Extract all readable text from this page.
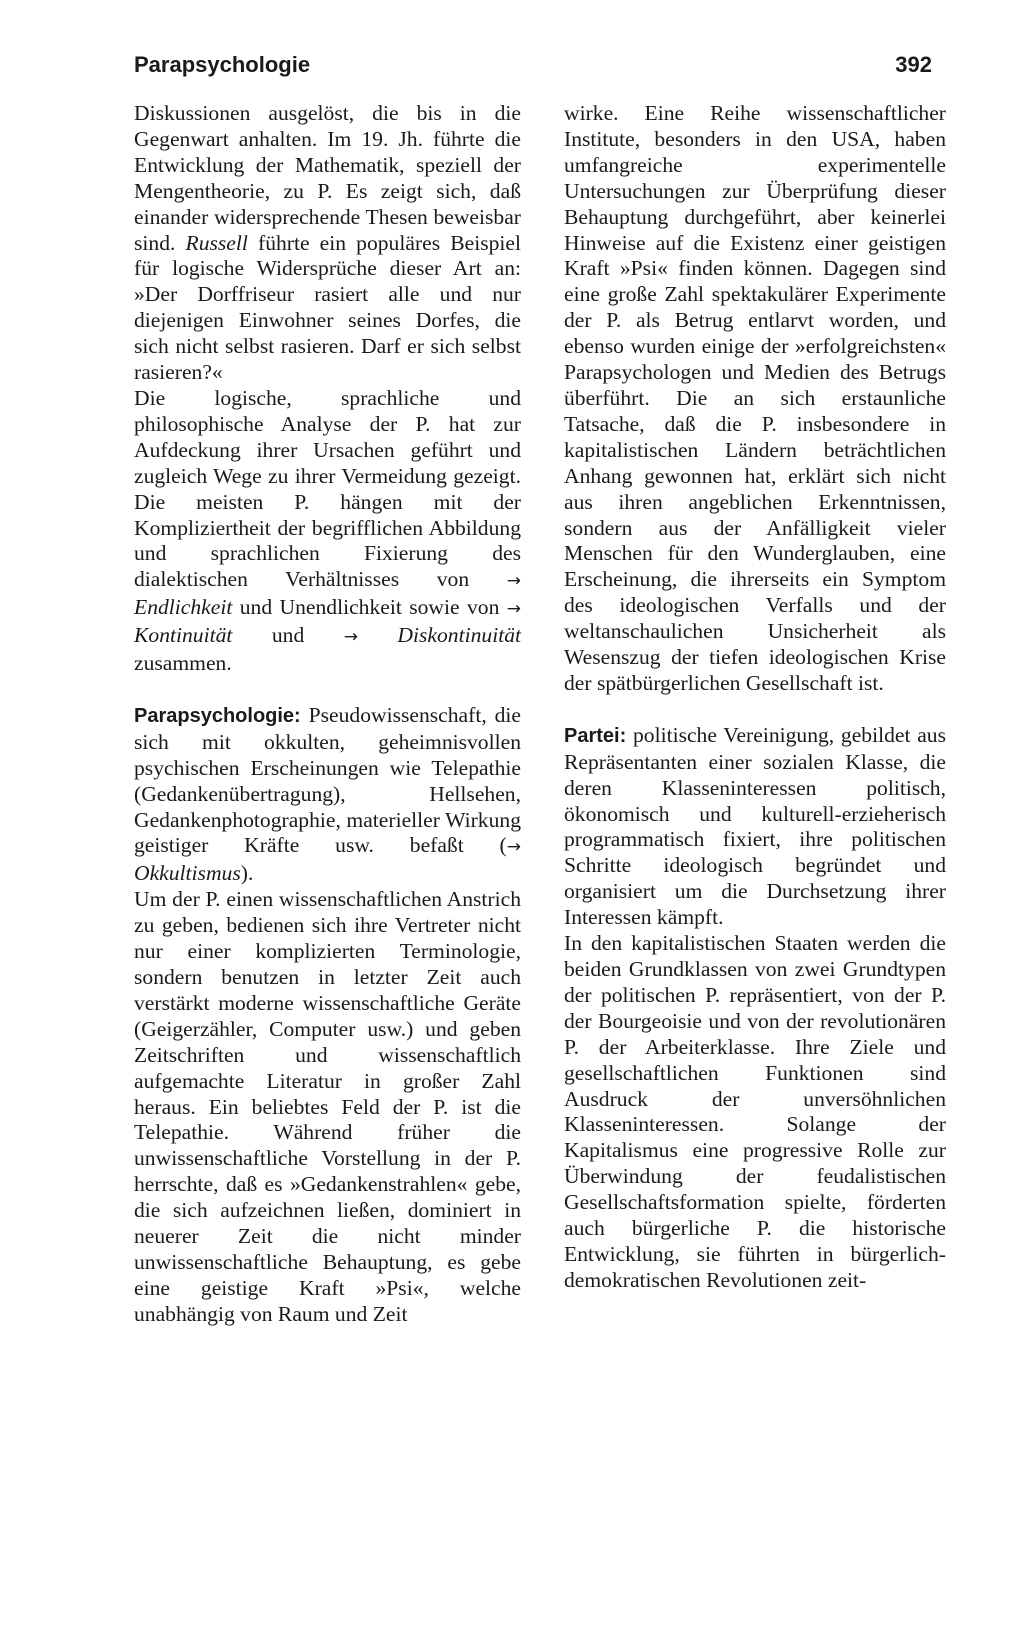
Parapsychologie	392

Diskussionen ausgelöst, die bis in die Gegenwart anhalten. Im 19. Jh. führte die Entwicklung der Mathematik, speziell der Mengentheorie, zu P. Es zeigt sich, daß einander widersprechende Thesen beweisbar sind. Russell führte ein populäres Beispiel für logische Widersprüche dieser Art an: »Der Dorffriseur rasiert alle und nur diejenigen Einwohner seines Dorfes, die sich nicht selbst rasieren. Darf er sich selbst rasieren?«

Die logische, sprachliche und philosophische Analyse der P. hat zur Aufdeckung ihrer Ursachen geführt und zugleich Wege zu ihrer Vermeidung gezeigt. Die meisten P. hängen mit der Kompliziertheit der begrifflichen Abbildung und sprachlichen Fixierung des dialektischen Verhältnisses von → Endlichkeit und Unendlichkeit sowie von → Kontinuität und → Diskontinuität zusammen.

Parapsychologie: Pseudowissenschaft, die sich mit okkulten, geheimnisvollen psychischen Erscheinungen wie Telepathie (Gedankenübertragung), Hellsehen, Gedankenphotographie, materieller Wirkung geistiger Kräfte usw. befaßt (→ Okkultismus).

Um der P. einen wissenschaftlichen Anstrich zu geben, bedienen sich ihre Vertreter nicht nur einer komplizierten Terminologie, sondern benutzen in letzter Zeit auch verstärkt moderne wissenschaftliche Geräte (Geigerzähler, Computer usw.) und geben Zeitschriften und wissenschaftlich aufgemachte Literatur in großer Zahl heraus. Ein beliebtes Feld der P. ist die Telepathie. Während früher die unwissenschaftliche Vorstellung in der P. herrschte, daß es »Gedankenstrahlen« gebe, die sich aufzeichnen ließen, dominiert in neuerer Zeit die nicht minder unwissenschaftliche Behauptung, es gebe eine geistige Kraft »Psi«, welche unabhängig von Raum und Zeit

wirke. Eine Reihe wissenschaftlicher Institute, besonders in den USA, haben umfangreiche experimentelle Untersuchungen zur Überprüfung dieser Behauptung durchgeführt, aber keinerlei Hinweise auf die Existenz einer geistigen Kraft »Psi« finden können. Dagegen sind eine große Zahl spektakulärer Experimente der P. als Betrug entlarvt worden, und ebenso wurden einige der »erfolgreichsten« Parapsychologen und Medien des Betrugs überführt. Die an sich erstaunliche Tatsache, daß die P. insbesondere in kapitalistischen Ländern beträchtlichen Anhang gewonnen hat, erklärt sich nicht aus ihren angeblichen Erkenntnissen, sondern aus der Anfälligkeit vieler Menschen für den Wunderglauben, eine Erscheinung, die ihrerseits ein Symptom des ideologischen Verfalls und der weltanschaulichen Unsicherheit als Wesenszug der tiefen ideologischen Krise der spätbürgerlichen Gesellschaft ist.

Partei: politische Vereinigung, gebildet aus Repräsentanten einer sozialen Klasse, die deren Klasseninteressen politisch, ökonomisch und kulturell-erzieherisch programmatisch fixiert, ihre politischen Schritte ideologisch begründet und organisiert um die Durchsetzung ihrer Interessen kämpft.

In den kapitalistischen Staaten werden die beiden Grundklassen von zwei Grundtypen der politischen P. repräsentiert, von der P. der Bourgeoisie und von der revolutionären P. der Arbeiterklasse. Ihre Ziele und gesellschaftlichen Funktionen sind Ausdruck der unversöhnlichen Klasseninteressen. Solange der Kapitalismus eine progressive Rolle zur Überwindung der feudalistischen Gesellschaftsformation spielte, förderten auch bürgerliche P. die historische Entwicklung, sie führten in bürgerlich-demokratischen Revolutionen zeit-
